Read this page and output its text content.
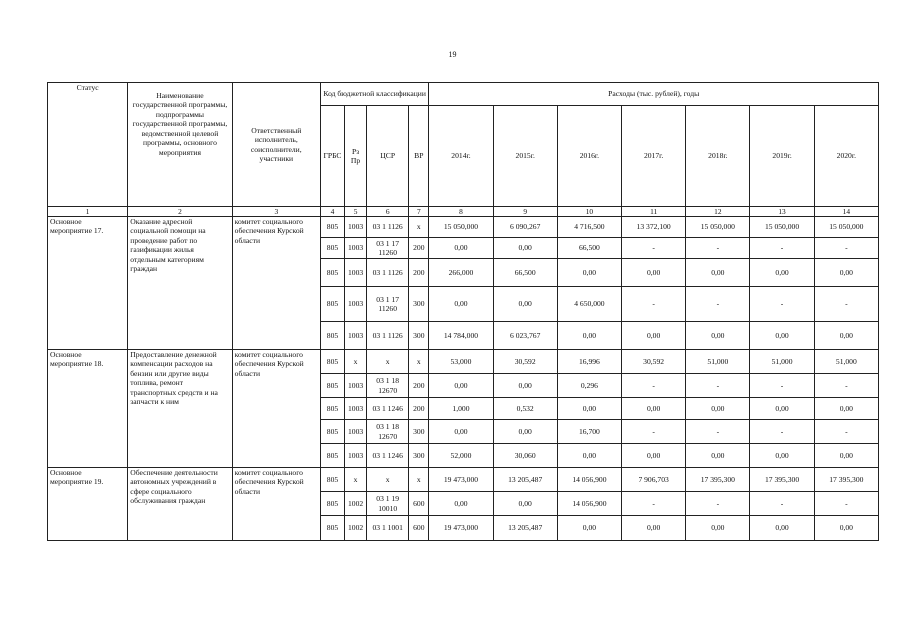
19
Статус	Наименование государственной программы, подпрограммы государственной программы, ведомственной целевой программы, основного мероприятия	Ответственный исполнитель, соисполнители, участники	Код бюджетной классификации				Расходы (тыс. рублей), годы						
			ГРБС	Рз Пр	ЦСР	ВР	2014г.	2015г.	2016г.	2017г.	2018г.	2019г.	2020г.
1	2	3	4	5	6	7	8	9	10	11	12	13	14
Основное мероприятие 17.	Оказание адресной социальной помощи на проведение работ по газификации жилья отдельным категориям граждан	комитет социального обеспечения Курской области	805	1003	03 1 1126	х	15 050,000	6 090,267	4 716,500	13 372,100	15 050,000	15 050,000	15 050,000
			805	1003	03 1 17 11260	200	0,00	0,00	66,500	-	-	-	-
			805	1003	03 1 1126	200	266,000	66,500	0,00	0,00	0,00	0,00	0,00
			805	1003	03 1 17 11260	300	0,00	0,00	4 650,000	-	-	-	-
			805	1003	03 1 1126	300	14 784,000	6 023,767	0,00	0,00	0,00	0,00	0,00
Основное мероприятие 18.	Предоставление денежной компенсации расходов на бензин или другие виды топлива, ремонт транспортных средств и на запчасти к ним	комитет социального обеспечения Курской области	805	х	х	х	53,000	30,592	16,996	30,592	51,000	51,000	51,000
			805	1003	03 1 18 12670	200	0,00	0,00	0,296	-	-	-	-
			805	1003	03 1 1246	200	1,000	0,532	0,00	0,00	0,00	0,00	0,00
			805	1003	03 1 18 12670	300	0,00	0,00	16,700	-	-	-	-
			805	1003	03 1 1246	300	52,000	30,060	0,00	0,00	0,00	0,00	0,00
Основное мероприятие 19.	Обеспечение деятельности автономных учреждений в сфере социального обслуживания граждан	комитет социального обеспечения Курской области	805	х	х	х	19 473,000	13 205,487	14 056,900	7 906,703	17 395,300	17 395,300	17 395,300
			805	1002	03 1 19 10010	600	0,00	0,00	14 056,900	-	-	-	-
			805	1002	03 1 1001	600	19 473,000	13 205,487	0,00	0,00	0,00	0,00	0,00
